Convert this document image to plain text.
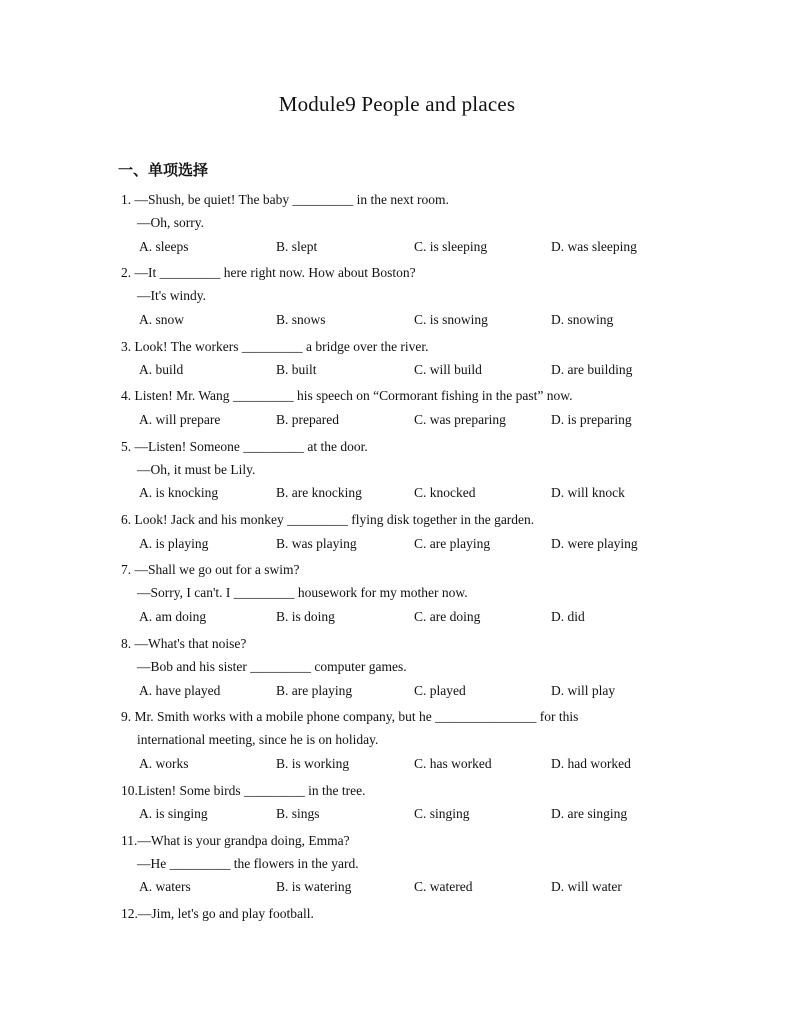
Module9 People and places
一、单项选择
1. —Shush, be quiet! The baby _________ in the next room.
—Oh, sorry.
A. sleeps	B. slept	C. is sleeping	D. was sleeping
2. —It _________ here right now. How about Boston?
—It's windy.
A. snow	B. snows	C. is snowing	D. snowing
3. Look! The workers _________ a bridge over the river.
A. build	B. built	C. will build	D. are building
4. Listen! Mr. Wang _________ his speech on “Cormorant fishing in the past” now.
A. will prepare	B. prepared	C. was preparing	D. is preparing
5. —Listen! Someone _________ at the door.
—Oh, it must be Lily.
A. is knocking	B. are knocking	C. knocked	D. will knock
6. Look! Jack and his monkey _________ flying disk together in the garden.
A. is playing	B. was playing	C. are playing	D. were playing
7. —Shall we go out for a swim?
—Sorry, I can't. I _________ housework for my mother now.
A. am doing	B. is doing	C. are doing	D. did
8. —What's that noise?
—Bob and his sister _________ computer games.
A. have played	B. are playing	C. played	D. will play
9. Mr. Smith works with a mobile phone company, but he _______________ for this
international meeting, since he is on holiday.
A. works	B. is working	C. has worked	D. had worked
10.Listen! Some birds _________ in the tree.
A. is singing	B. sings	C. singing	D. are singing
11.—What is your grandpa doing, Emma?
—He _________ the flowers in the yard.
A. waters	B. is watering	C. watered	D. will water
12.—Jim, let's go and play football.
